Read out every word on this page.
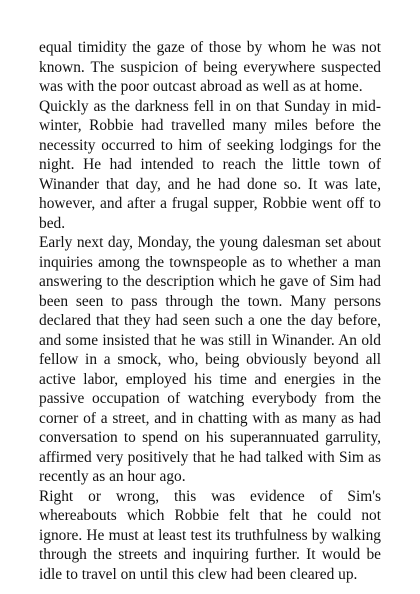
equal timidity the gaze of those by whom he was not known. The suspicion of being everywhere suspected was with the poor outcast abroad as well as at home.

Quickly as the darkness fell in on that Sunday in mid-winter, Robbie had travelled many miles before the necessity occurred to him of seeking lodgings for the night. He had intended to reach the little town of Winander that day, and he had done so. It was late, however, and after a frugal supper, Robbie went off to bed.

Early next day, Monday, the young dalesman set about inquiries among the townspeople as to whether a man answering to the description which he gave of Sim had been seen to pass through the town. Many persons declared that they had seen such a one the day before, and some insisted that he was still in Winander. An old fellow in a smock, who, being obviously beyond all active labor, employed his time and energies in the passive occupation of watching everybody from the corner of a street, and in chatting with as many as had conversation to spend on his superannuated garrulity, affirmed very positively that he had talked with Sim as recently as an hour ago.

Right or wrong, this was evidence of Sim's whereabouts which Robbie felt that he could not ignore. He must at least test its truthfulness by walking through the streets and inquiring further. It would be idle to travel on until this clew had been cleared up.
